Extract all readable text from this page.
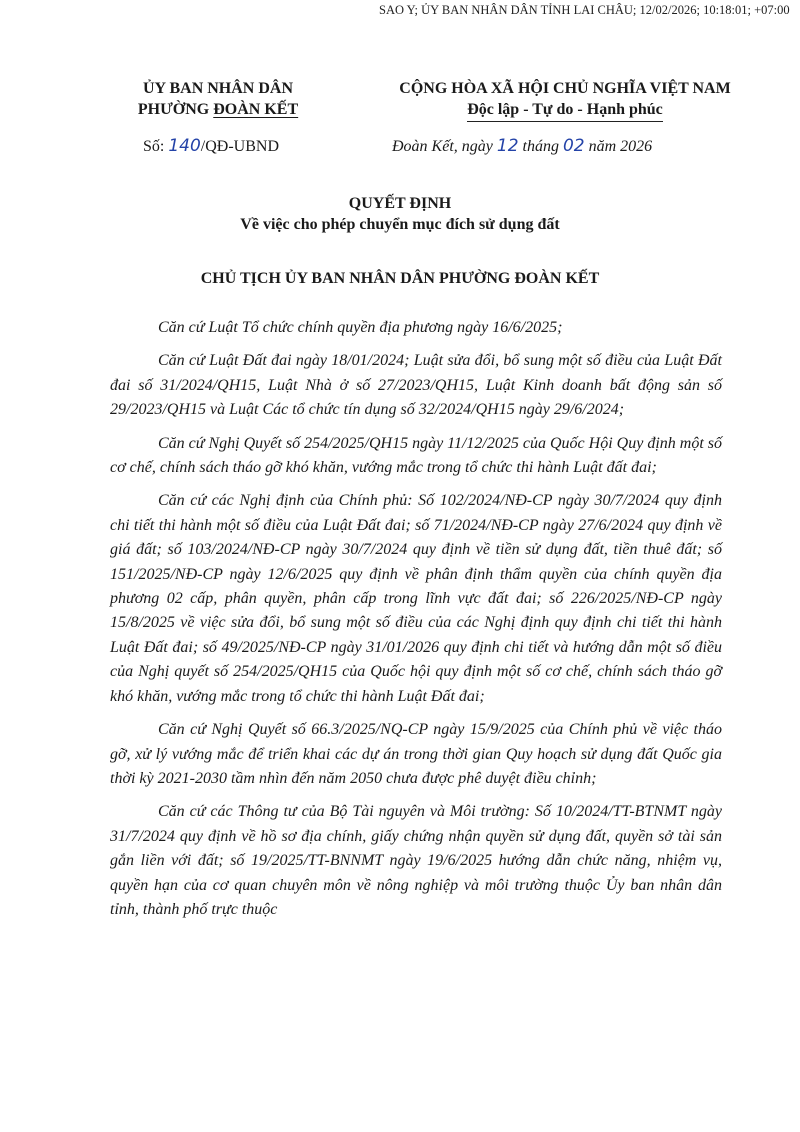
SAO Y; ỦY BAN NHÂN DÂN TỈNH LAI CHÂU; 12/02/2026; 10:18:01; +07:00
ỦY BAN NHÂN DÂN
PHƯỜNG ĐOÀN KẾT
CỘNG HÒA XÃ HỘI CHỦ NGHĨA VIỆT NAM
Độc lập - Tự do - Hạnh phúc
Số: 140/QĐ-UBND	Đoàn Kết, ngày 12 tháng 02 năm 2026
QUYẾT ĐỊNH
Về việc cho phép chuyển mục đích sử dụng đất
CHỦ TỊCH ỦY BAN NHÂN DÂN PHƯỜNG ĐOÀN KẾT

Căn cứ Luật Tổ chức chính quyền địa phương ngày 16/6/2025;

Căn cứ Luật Đất đai ngày 18/01/2024; Luật sửa đổi, bổ sung một số điều của Luật Đất đai số 31/2024/QH15, Luật Nhà ở số 27/2023/QH15, Luật Kinh doanh bất động sản số 29/2023/QH15 và Luật Các tổ chức tín dụng số 32/2024/QH15 ngày 29/6/2024;

Căn cứ Nghị Quyết số 254/2025/QH15 ngày 11/12/2025 của Quốc Hội Quy định một số cơ chế, chính sách tháo gỡ khó khăn, vướng mắc trong tổ chức thi hành Luật đất đai;

Căn cứ các Nghị định của Chính phủ: Số 102/2024/NĐ-CP ngày 30/7/2024 quy định chi tiết thi hành một số điều của Luật Đất đai; số 71/2024/NĐ-CP ngày 27/6/2024 quy định về giá đất; số 103/2024/NĐ-CP ngày 30/7/2024 quy định về tiền sử dụng đất, tiền thuê đất; số 151/2025/NĐ-CP ngày 12/6/2025 quy định về phân định thẩm quyền của chính quyền địa phương 02 cấp, phân quyền, phân cấp trong lĩnh vực đất đai; số 226/2025/NĐ-CP ngày 15/8/2025 về việc sửa đổi, bổ sung một số điều của các Nghị định quy định chi tiết thi hành Luật Đất đai; số 49/2025/NĐ-CP ngày 31/01/2026 quy định chi tiết và hướng dẫn một số điều của Nghị quyết số 254/2025/QH15 của Quốc hội quy định một số cơ chế, chính sách tháo gỡ khó khăn, vướng mắc trong tổ chức thi hành Luật Đất đai;

Căn cứ Nghị Quyết số 66.3/2025/NQ-CP ngày 15/9/2025 của Chính phủ về việc tháo gỡ, xử lý vướng mắc để triển khai các dự án trong thời gian Quy hoạch sử dụng đất Quốc gia thời kỳ 2021-2030 tầm nhìn đến năm 2050 chưa được phê duyệt điều chỉnh;

Căn cứ các Thông tư của Bộ Tài nguyên và Môi trường: Số 10/2024/TT-BTNMT ngày 31/7/2024 quy định về hồ sơ địa chính, giấy chứng nhận quyền sử dụng đất, quyền sở tài sản gắn liền với đất; số 19/2025/TT-BNNMT ngày 19/6/2025 hướng dẫn chức năng, nhiệm vụ, quyền hạn của cơ quan chuyên môn về nông nghiệp và môi trường thuộc Ủy ban nhân dân tỉnh, thành phố trực thuộc
